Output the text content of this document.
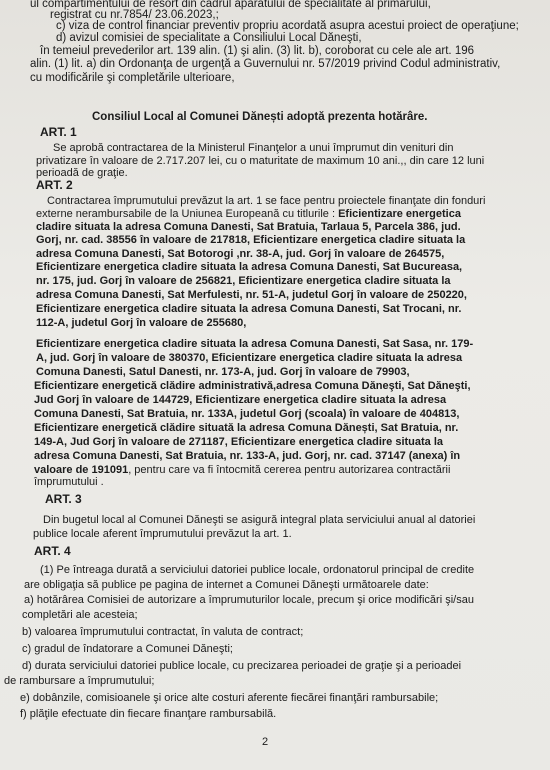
ul compartimentului de resort din cadrul aparatului de specialitate al primarului,
registrat cu nr.7854/ 23.06.2023,;
c) viza de control financiar preventiv propriu acordată asupra acestui proiect de operaţiune;
d) avizul comisiei de specialitate a Consiliului Local Dăneşti,
în temeiul prevederilor art. 139 alin. (1) şi alin. (3) lit. b), coroborat cu cele ale art. 196
alin. (1) lit. a) din Ordonanţa de urgenţă a Guvernului nr. 57/2019 privind Codul administrativ,
cu modificările şi completările ulterioare,
Consiliul Local al Comunei Dănești adoptă prezenta hotărâre.
ART. 1
Se aprobă contractarea de la Ministerul Finanţelor a unui împrumut din venituri din
privatizare în valoare de 2.717.207 lei, cu o maturitate de maximum 10 ani.,, din care 12 luni
perioadă de graţie.
ART. 2
Contractarea împrumutului prevăzut la art. 1 se face pentru proiectele finanţate din fonduri
externe nerambursabile de la Uniunea Europeană cu titlurile : Eficientizare energetica
cladire situata la adresa Comuna Danesti, Sat Bratuia, Tarlaua 5, Parcela 386, jud.
Gorj, nr. cad. 38556 în valoare de 217818, Eficientizare energetica cladire situata la
adresa Comuna Danesti, Sat Botorogi ,nr. 38-A, jud. Gorj în valoare de 264575,
Eficientizare energetica cladire situata la adresa Comuna Danesti, Sat Bucureasa,
nr. 175, jud. Gorj în valoare de 256821, Eficientizare energetica cladire situata la
adresa Comuna Danesti, Sat Merfulesti, nr. 51-A, judetul Gorj în valoare de 250220,
Eficientizare energetica cladire situata la adresa Comuna Danesti, Sat Trocani, nr.
112-A, judetul Gorj în valoare de 255680,
Eficientizare energetica cladire situata la adresa Comuna Danesti, Sat Sasa, nr. 179-
A, jud. Gorj în valoare de 380370, Eficientizare energetica cladire situata la adresa
Comuna Danesti, Satul Danesti, nr. 173-A, jud. Gorj în valoare de 79903,
Eficientizare energetică clădire administrativă,adresa Comuna Dăneşti, Sat Dăneşti,
Jud Gorj în valoare de 144729, Eficientizare energetica cladire situata la adresa
Comuna Danesti, Sat Bratuia, nr. 133A, judetul Gorj (scoala) în valoare de 404813,
Eficientizare energetică clădire situată la adresa Comuna Dănești, Sat Bratuia, nr.
149-A, Jud Gorj în valoare de 271187, Eficientizare energetica cladire situata la
adresa Comuna Danesti, Sat Bratuia, nr. 133-A, jud. Gorj, nr. cad. 37147 (anexa) în
valoare de 191091, pentru care va fi întocmită cererea pentru autorizarea contractării
împrumutului .
ART. 3
Din bugetul local al Comunei Dăneşti se asigură integral plata serviciului anual al datoriei
publice locale aferent împrumutului prevăzut la art. 1.
ART. 4
(1) Pe întreaga durată a serviciului datoriei publice locale, ordonatorul principal de credite
are obligaţia să publice pe pagina de internet a Comunei Dăneşti următoarele date:
a) hotărârea Comisiei de autorizare a împrumuturilor locale, precum şi orice modificări şi/sau
completări ale acesteia;
b) valoarea împrumutului contractat, în valuta de contract;
c) gradul de îndatorare a Comunei Dăneşti;
d) durata serviciului datoriei publice locale, cu precizarea perioadei de graţie şi a perioadei
de rambursare a împrumutului;
e) dobânzile, comisioanele şi orice alte costuri aferente fiecărei finanţări rambursabile;
f) plăţile efectuate din fiecare finanţare rambursabilă.
2
